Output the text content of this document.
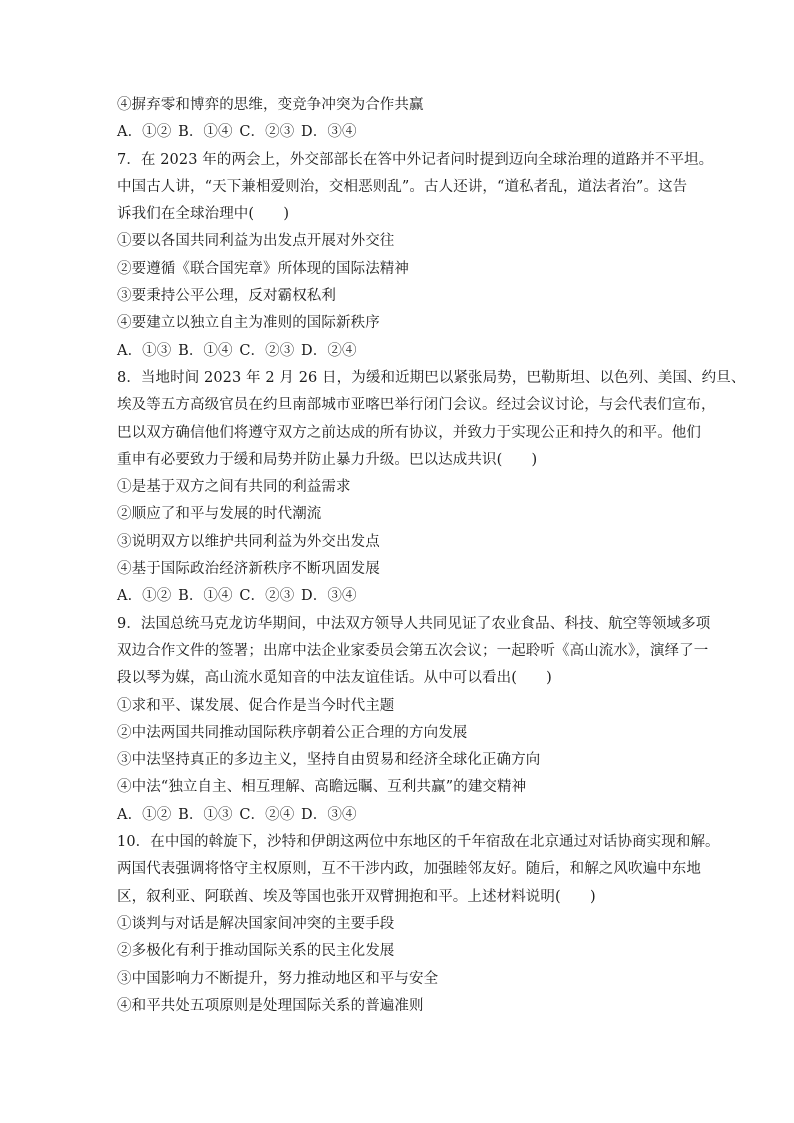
④摒弃零和博弈的思维，变竞争冲突为合作共赢
A．①② B．①④ C．②③ D．③④
7．在 2023 年的两会上，外交部部长在答中外记者问时提到迈向全球治理的道路并不平坦。
中国古人讲，“天下兼相爱则治，交相恶则乱”。古人还讲，“道私者乱，道法者治”。这告
诉我们在全球治理中(　　)
①要以各国共同利益为出发点开展对外交往
②要遵循《联合国宪章》所体现的国际法精神
③要秉持公平公理，反对霸权私利
④要建立以独立自主为准则的国际新秩序
A．①③ B．①④ C．②③ D．②④
8．当地时间 2023 年 2 月 26 日，为缓和近期巴以紧张局势，巴勒斯坦、以色列、美国、约旦、
埃及等五方高级官员在约旦南部城市亚喀巴举行闭门会议。经过会议讨论，与会代表们宣布，
巴以双方确信他们将遵守双方之前达成的所有协议，并致力于实现公正和持久的和平。他们
重申有必要致力于缓和局势并防止暴力升级。巴以达成共识(　　)
①是基于双方之间有共同的利益需求
②顺应了和平与发展的时代潮流
③说明双方以维护共同利益为外交出发点
④基于国际政治经济新秩序不断巩固发展
A．①② B．①④ C．②③ D．③④
9．法国总统马克龙访华期间，中法双方领导人共同见证了农业食品、科技、航空等领域多项
双边合作文件的签署；出席中法企业家委员会第五次会议；一起聆听《高山流水》，演绎了一
段以琴为媒，高山流水觅知音的中法友谊佳话。从中可以看出(　　)
①求和平、谋发展、促合作是当今时代主题
②中法两国共同推动国际秩序朝着公正合理的方向发展
③中法坚持真正的多边主义，坚持自由贸易和经济全球化正确方向
④中法“独立自主、相互理解、高瞻远瞩、互利共赢”的建交精神
A．①② B．①③ C．②④ D．③④
10．在中国的斡旋下，沙特和伊朗这两位中东地区的千年宿敌在北京通过对话协商实现和解。
两国代表强调将恪守主权原则，互不干涉内政，加强睦邻友好。随后，和解之风吹遍中东地
区，叙利亚、阿联酋、埃及等国也张开双臂拥抱和平。上述材料说明(　　)
①谈判与对话是解决国家间冲突的主要手段
②多极化有利于推动国际关系的民主化发展
③中国影响力不断提升，努力推动地区和平与安全
④和平共处五项原则是处理国际关系的普遍准则
